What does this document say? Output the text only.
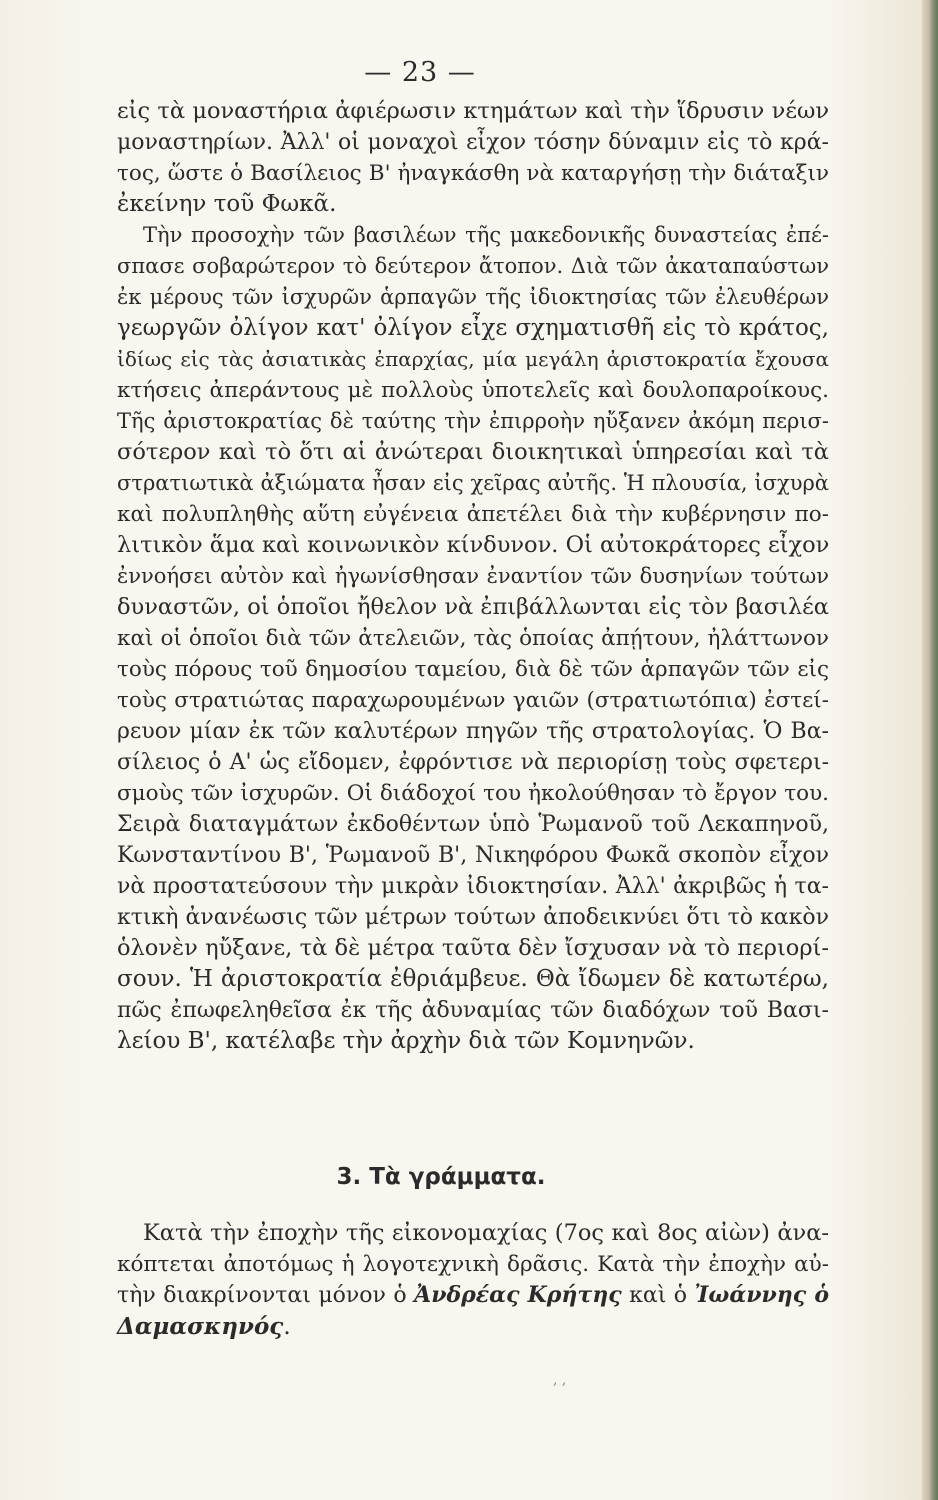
— 23 —
εἰς τὰ μοναστήρια ἀφιέρωσιν κτημάτων καὶ τὴν ἵδρυσιν νέων
μοναστηρίων. Ἀλλ' οἱ μοναχοὶ εἶχον τόσην δύναμιν εἰς τὸ κρά-
τος, ὥστε ὁ Βασίλειος Β' ἠναγκάσθη νὰ καταργήσῃ τὴν διάταξιν
ἐκείνην τοῦ Φωκᾶ.
Τὴν προσοχὴν τῶν βασιλέων τῆς μακεδονικῆς δυναστείας ἐπέ-
σπασε σοβαρώτερον τὸ δεύτερον ἄτοπον. Διὰ τῶν ἀκαταπαύστων
ἐκ μέρους τῶν ἰσχυρῶν ἁρπαγῶν τῆς ἰδιοκτησίας τῶν ἐλευθέρων
γεωργῶν ὀλίγον κατ' ὀλίγον εἶχε σχηματισθῆ εἰς τὸ κράτος,
ἰδίως εἰς τὰς ἀσιατικὰς ἐπαρχίας, μία μεγάλη ἀριστοκρατία ἔχουσα
κτήσεις ἀπεράντους μὲ πολλοὺς ὑποτελεῖς καὶ δουλοπαροίκους.
Τῆς ἀριστοκρατίας δὲ ταύτης τὴν ἐπιρροὴν ηὔξανεν ἀκόμη περισ-
σότερον καὶ τὸ ὅτι αἱ ἀνώτεραι διοικητικαὶ ὑπηρεσίαι καὶ τὰ
στρατιωτικὰ ἀξιώματα ἦσαν εἰς χεῖρας αὐτῆς. Ἡ πλουσία, ἰσχυρὰ
καὶ πολυπληθὴς αὕτη εὐγένεια ἀπετέλει διὰ τὴν κυβέρνησιν πο-
λιτικὸν ἅμα καὶ κοινωνικὸν κίνδυνον. Οἱ αὐτοκράτορες εἶχον
ἐννοήσει αὐτὸν καὶ ἠγωνίσθησαν ἐναντίον τῶν δυσηνίων τούτων
δυναστῶν, οἱ ὁποῖοι ἤθελον νὰ ἐπιβάλλωνται εἰς τὸν βασιλέα
καὶ οἱ ὁποῖοι διὰ τῶν ἀτελειῶν, τὰς ὁποίας ἀπῄτουν, ἠλάττωνον
τοὺς πόρους τοῦ δημοσίου ταμείου, διὰ δὲ τῶν ἁρπαγῶν τῶν εἰς
τοὺς στρατιώτας παραχωρουμένων γαιῶν (στρατιωτόπια) ἐστεί-
ρευον μίαν ἐκ τῶν καλυτέρων πηγῶν τῆς στρατολογίας. Ὁ Βα-
σίλειος ὁ Α' ὡς εἴδομεν, ἐφρόντισε νὰ περιορίσῃ τοὺς σφετερι-
σμοὺς τῶν ἰσχυρῶν. Οἱ διάδοχοί του ἠκολούθησαν τὸ ἔργον του.
Σειρὰ διαταγμάτων ἐκδοθέντων ὑπὸ Ῥωμανοῦ τοῦ Λεκαπηνοῦ,
Κωνσταντίνου Β', Ῥωμανοῦ Β', Νικηφόρου Φωκᾶ σκοπὸν εἶχον
νὰ προστατεύσουν τὴν μικρὰν ἰδιοκτησίαν. Ἀλλ' ἀκριβῶς ἡ τα-
κτικὴ ἀνανέωσις τῶν μέτρων τούτων ἀποδεικνύει ὅτι τὸ κακὸν
ὁλονὲν ηὔξανε, τὰ δὲ μέτρα ταῦτα δὲν ἴσχυσαν νὰ τὸ περιορί-
σουν. Ἡ ἀριστοκρατία ἐθριάμβευε. Θὰ ἴδωμεν δὲ κατωτέρω,
πῶς ἐπωφεληθεῖσα ἐκ τῆς ἀδυναμίας τῶν διαδόχων τοῦ Βασι-
λείου Β', κατέλαβε τὴν ἀρχὴν διὰ τῶν Κομνηνῶν.
3. Τὰ γράμματα.
Κατὰ τὴν ἐποχὴν τῆς εἰκονομαχίας (7ος καὶ 8ος αἰὼν) ἀνα-
κόπτεται ἀποτόμως ἡ λογοτεχνικὴ δρᾶσις. Κατὰ τὴν ἐποχὴν αὐ-
τὴν διακρίνονται μόνον ὁ Ἀνδρέας Κρήτης καὶ ὁ Ἰωάννης ὁ
Δαμασκηνός.
, ,
